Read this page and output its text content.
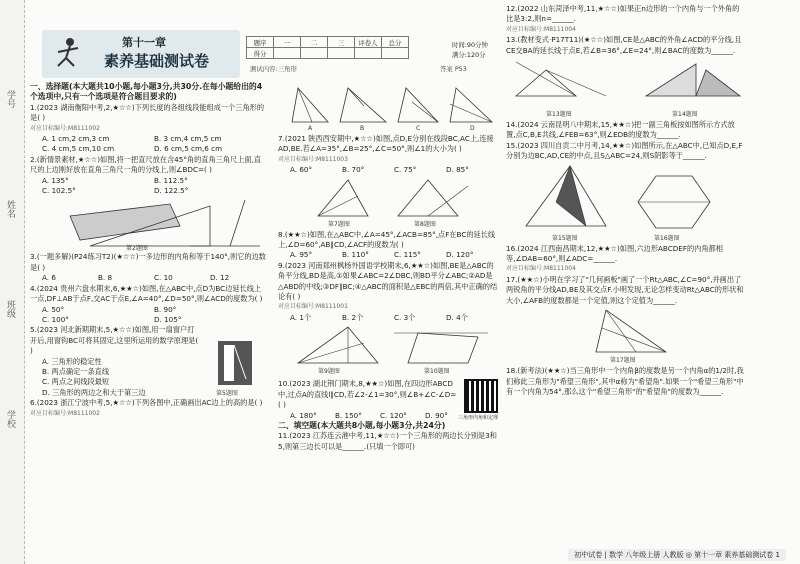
学号
姓名
班级
学校
第十一章
素养基础测试卷
题序	一	二	三	评卷人	总分
得分					
时间:90分钟
满分:120分
测试内容:三角形	答案 P53

一、选择题(本大题共10小题,每小题3分,共30分.在每小题给出的4个选项中,只有一个选项是符合题目要求的)

1.(2023 湖南衡阳中考,2,★☆☆)下列长度的各组线段能组成一个三角形的是( )

对应目标编号:M8111002

A. 1 cm,2 cm,3 cm	B. 3 cm,4 cm,5 cm
C. 4 cm,5 cm,10 cm	D. 6 cm,5 cm,6 cm

2.(新情景素材,★☆☆)如图,将一把直尺放在含45°角的直角三角尺上面,直尺的上边刚好放在直角三角尺一角的分线上,则∠BDC=( )

A. 135°	B. 112.5°
C. 102.5°	D. 122.5°
第2题图

3.(一题多解)(P24练习T2)(★☆☆)一多边形的内角和等于140°,则它的边数是( )

A. 6	B. 8	C. 10	D. 12

4.(2024 贵州六盘水期末,6,★★☆)如图,在△ABC中,点D为BC边延长线上一点,DF⊥AB于点F,交AC于点E,∠A=40°,∠D=50°,则∠ACD的度数为( )

A. 50°	B. 90°
C. 100°	D. 105°

5.(2023 河北新期期末,5,★☆☆)如图,用一扇窗户打开后,用窗钩BC可将其固定,这里所运用的数学原理是( )

A. 三角形的稳定性

B. 两点确定一条直线

C. 两点之间线段最短

D. 三角形的两边之和大于第三边	第5题图

6.(2023 浙江宁波中考,5,★☆☆)下列各图中,正确画出AC边上的高的是( )

对应目标编号:M8111002

A	B	C	D

7.(2021 陕西西安期中,★☆☆)如图,点D,E分别在线段BC,AC上,连接AD,BE.若∠A=35°,∠B=25°,∠C=50°,则∠1的大小为( )

对应目标编号:M8111003

A. 60°	B. 70°	C. 75°	D. 85°
第7题图	第8题图

8.(★★☆)如图,在△ABC中,∠A=45°,∠ACB=85°,点F在BC的延长线上,∠D=60°,AB∥CD,∠ACF的度数为( )

A. 95°	B. 110°	C. 115°	D. 120°

9.(2023 河南郑州枫杨外国语学校期末,6,★★☆)如图,BE是△ABC的角平分线,BD是高,①如果∠ABC=2∠DBC,则BD平分∠ABC;②AD是△ABD的中线;③DF∥BC;④△ABC的面积是△EBC的两倍,其中正确的结论有( )

对应目标编号:M8111001

A. 1个	B. 2个	C. 3个	D. 4个
第9题图	第10题图

10.(2023 湖北荆门期末,8,★★☆)如图,在四边形ABCD中,过点A的直线l∥CD,若∠2-∠1=30°,则∠B+∠C-∠D=( )

A. 180°	B. 150°	C. 120°	D. 90°	三角形内角和定理

二、填空题(本大题共8小题,每小题3分,共24分)

11.(2023 江苏连云港中考,11,★☆☆)一个三角形的两边长分别是3和5,则第三边长可以是______.(只填一个即可)

12.(2022 山东菏泽中考,11,★☆☆)如果正n边形的一个内角与一个外角的比是3:2,则n=______.

对应目标编号:M8111004

13.(教材变式·P17T11)(★☆☆)如图,CE是△ABC的外角∠ACD的平分线,且CE交BA的延长线于点E,若∠B=36°,∠E=24°,则∠BAC的度数为______.

第13题图	第14题图

14.(2024 云南昆明八中期末,15,★★☆)把一副三角板按如图所示方式放置,点C,B,E共线,∠FEB=63°,则∠EDB的度数为______.

15.(2023 四川自贡二中月考,14,★★☆)如图所示,在△ABC中,已知点D,E,F分别为边BC,AD,CE的中点,且S△ABC=24,则S阴影等于______.

第15题图	第16题图

16.(2024 江西南昌期末,12,★★☆)如图,六边形ABCDEF的内角都相等,∠DAB=60°,则∠ADC=______.

对应目标编号:M8111004

17.(★★☆)小明在学习了"几何画板"画了一个Rt△ABC,∠C=90°,并画出了两锐角的平分线AD,BE及其交点F.小明发现,无论怎样变动Rt△ABC的形状和大小,∠AFB的度数都是一个定值,则这个定值为______.

第17题图

18.(新考法)(★★☆)当三角形中一个内角β的度数是另一个内角α的1/2时,我们称此三角形为"希望三角形",其中α称为"希望角".如果一个"希望三角形"中有一个内角为54°,那么这个"希望三角形"的"希望角"的度数为______.

初中试卷 | 数学 八年级上册 人教版 ◎ 第十一章 素养基础测试卷 1
